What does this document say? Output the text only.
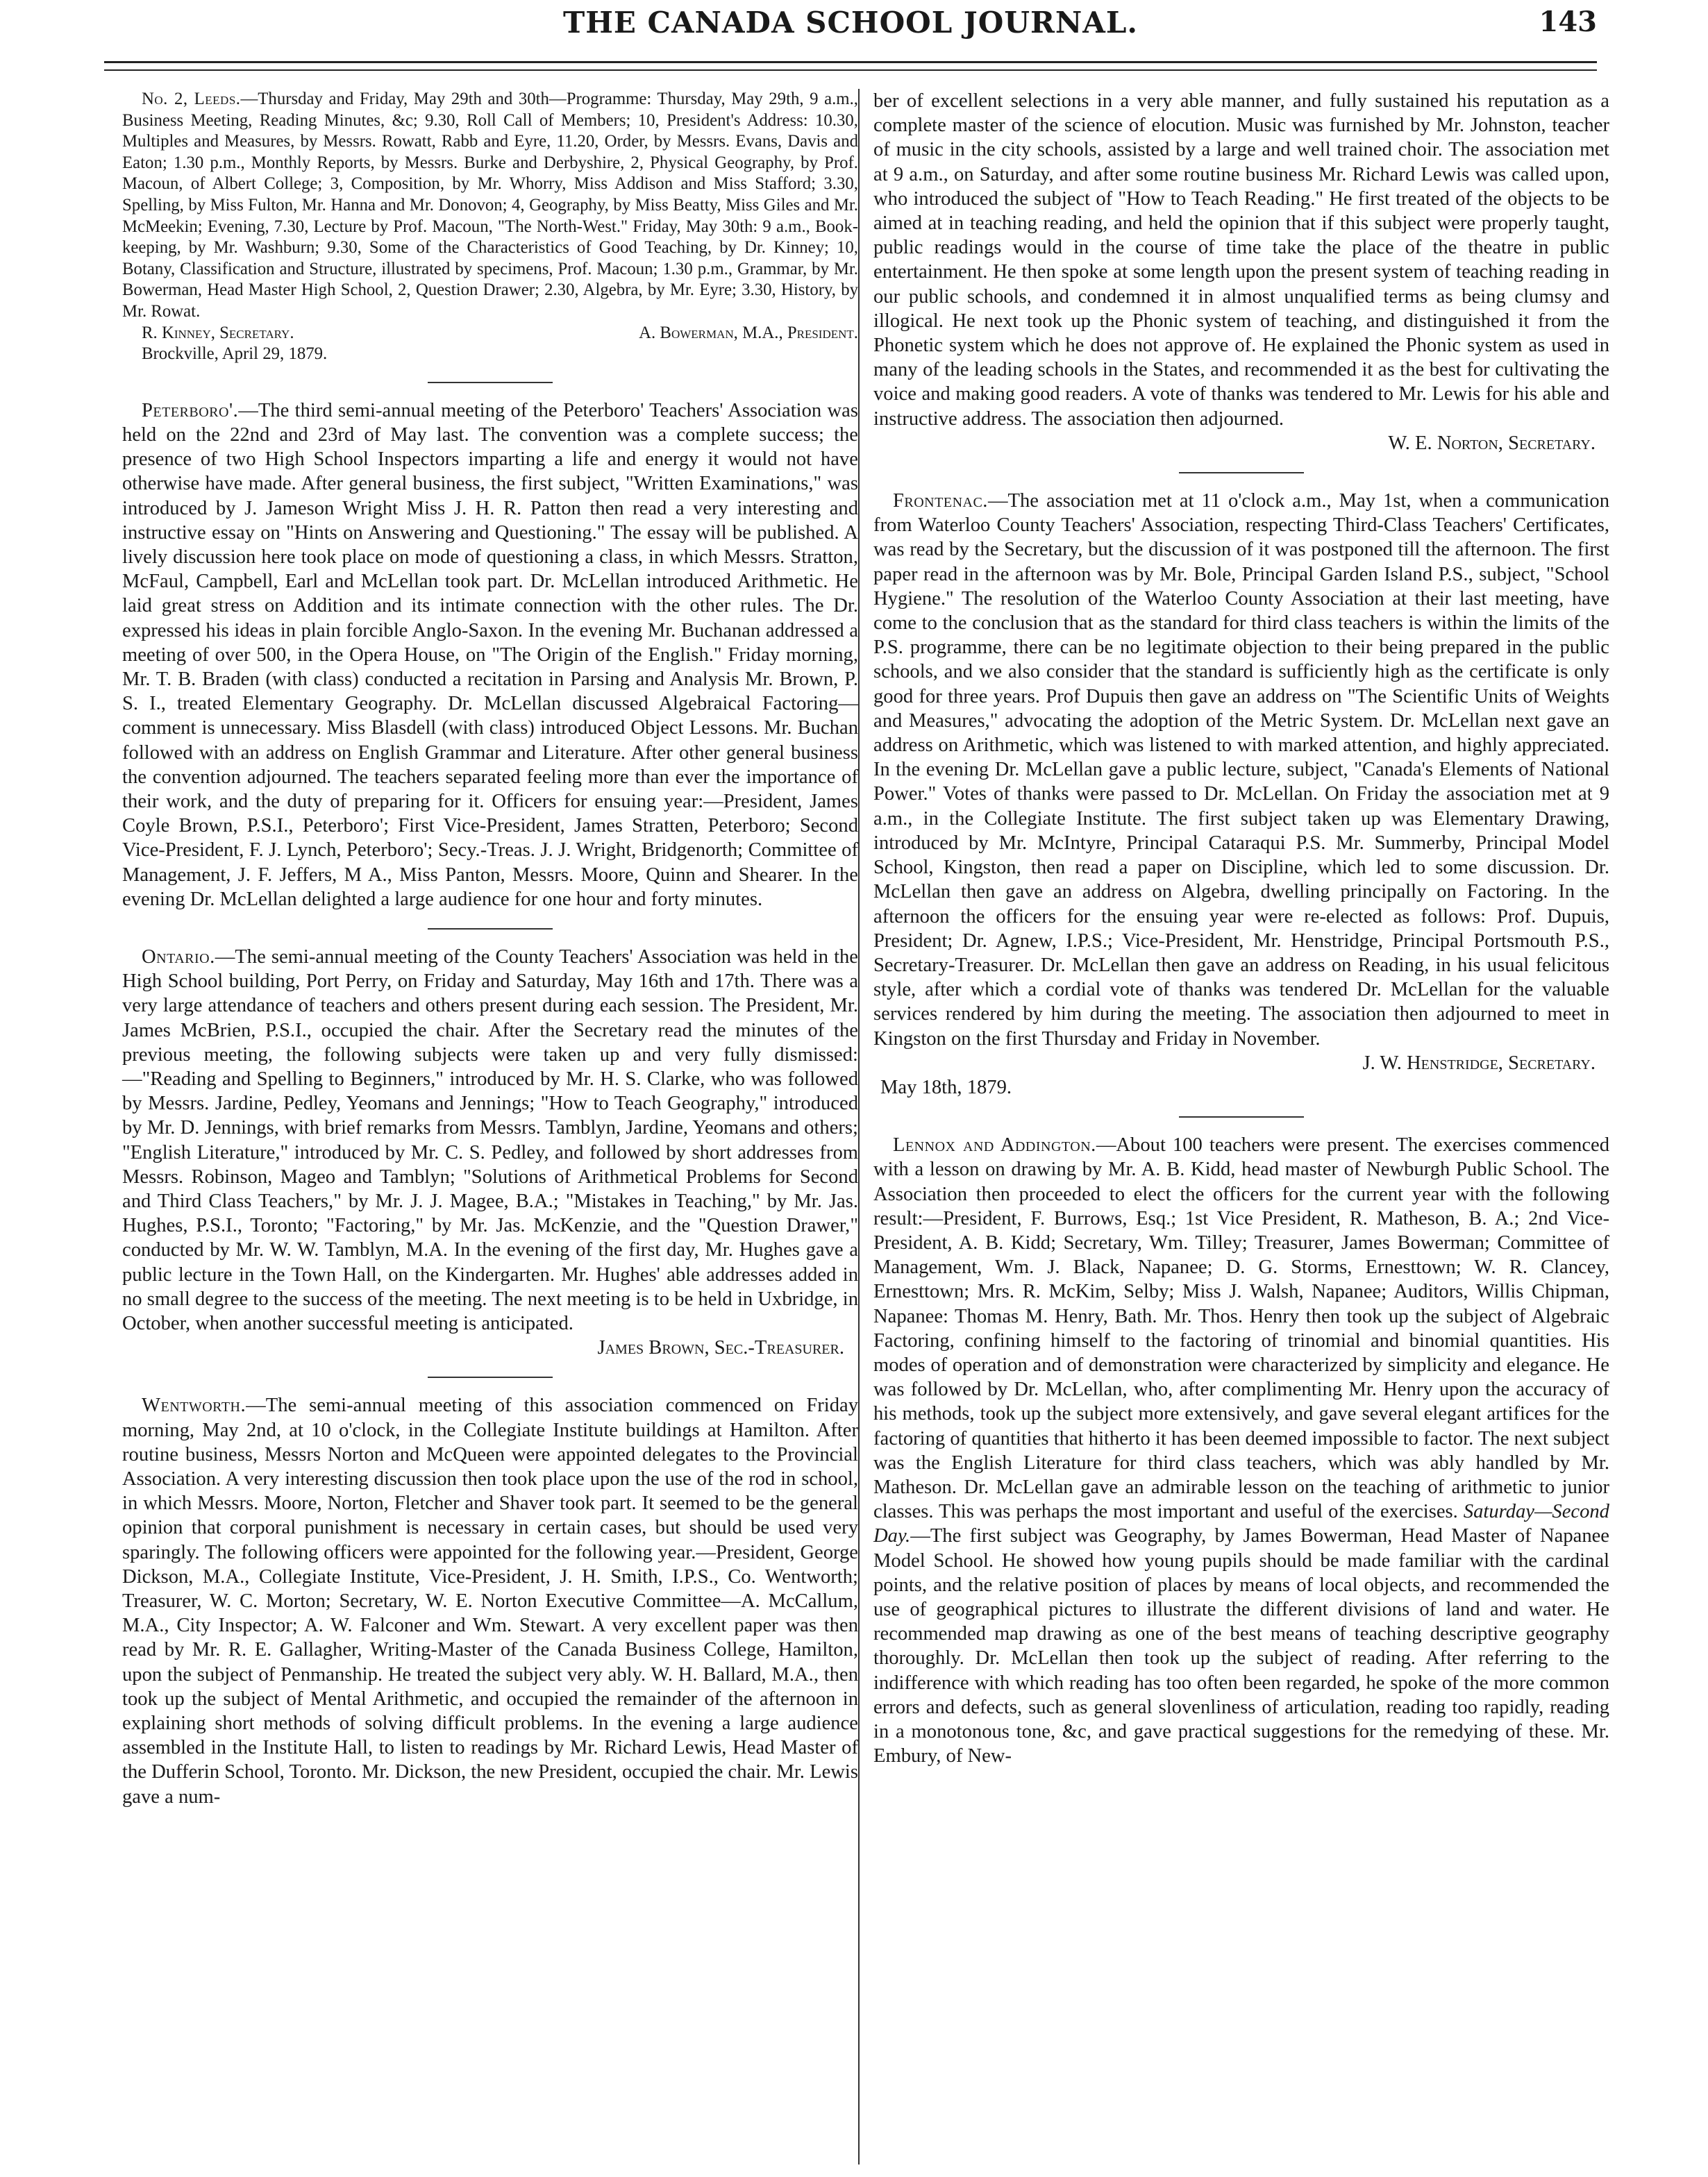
THE CANADA SCHOOL JOURNAL.	143

No. 2, Leeds.—Thursday and Friday, May 29th and 30th—Programme: Thursday, May 29th, 9 a.m., Business Meeting, Reading Minutes, &c; 9.30, Roll Call of Members; 10, President's Address: 10.30, Multiples and Measures, by Messrs. Rowatt, Rabb and Eyre, 11.20, Order, by Messrs. Evans, Davis and Eaton; 1.30 p.m., Monthly Reports, by Messrs. Burke and Derbyshire, 2, Physical Geography, by Prof. Macoun, of Albert College; 3, Composition, by Mr. Whorry, Miss Addison and Miss Stafford; 3.30, Spelling, by Miss Fulton, Mr. Hanna and Mr. Donovon; 4, Geography, by Miss Beatty, Miss Giles and Mr. McMeekin; Evening, 7.30, Lecture by Prof. Macoun, "The North-West." Friday, May 30th: 9 a.m., Book-keeping, by Mr. Washburn; 9.30, Some of the Characteristics of Good Teaching, by Dr. Kinney; 10, Botany, Classification and Structure, illustrated by specimens, Prof. Macoun; 1.30 p.m., Grammar, by Mr. Bowerman, Head Master High School, 2, Question Drawer; 2.30, Algebra, by Mr. Eyre; 3.30, History, by Mr. Rowat.

R. Kinney, Secretary.	A. Bowerman, M.A., President.

Brockville, April 29, 1879.

Peterboro'.—The third semi-annual meeting of the Peterboro' Teachers' Association was held on the 22nd and 23rd of May last. The convention was a complete success; the presence of two High School Inspectors imparting a life and energy it would not have otherwise have made. After general business, the first subject, "Written Examinations," was introduced by J. Jameson Wright Miss J. H. R. Patton then read a very interesting and instructive essay on "Hints on Answering and Questioning." The essay will be published. A lively discussion here took place on mode of questioning a class, in which Messrs. Stratton, McFaul, Campbell, Earl and McLellan took part. Dr. McLellan introduced Arithmetic. He laid great stress on Addition and its intimate connection with the other rules. The Dr. expressed his ideas in plain forcible Anglo-Saxon. In the evening Mr. Buchanan addressed a meeting of over 500, in the Opera House, on "The Origin of the English." Friday morning, Mr. T. B. Braden (with class) conducted a recitation in Parsing and Analysis Mr. Brown, P. S. I., treated Elementary Geography. Dr. McLellan discussed Algebraical Factoring—comment is unnecessary. Miss Blasdell (with class) introduced Object Lessons. Mr. Buchan followed with an address on English Grammar and Literature. After other general business the convention adjourned. The teachers separated feeling more than ever the importance of their work, and the duty of preparing for it. Officers for ensuing year:—President, James Coyle Brown, P.S.I., Peterboro'; First Vice-President, James Stratten, Peterboro; Second Vice-President, F. J. Lynch, Peterboro'; Secy.-Treas. J. J. Wright, Bridgenorth; Committee of Management, J. F. Jeffers, M A., Miss Panton, Messrs. Moore, Quinn and Shearer. In the evening Dr. McLellan delighted a large audience for one hour and forty minutes.

Ontario.—The semi-annual meeting of the County Teachers' Association was held in the High School building, Port Perry, on Friday and Saturday, May 16th and 17th. There was a very large attendance of teachers and others present during each session. The President, Mr. James McBrien, P.S.I., occupied the chair. After the Secretary read the minutes of the previous meeting, the following subjects were taken up and very fully dismissed:—"Reading and Spelling to Beginners," introduced by Mr. H. S. Clarke, who was followed by Messrs. Jardine, Pedley, Yeomans and Jennings; "How to Teach Geography," introduced by Mr. D. Jennings, with brief remarks from Messrs. Tamblyn, Jardine, Yeomans and others; "English Literature," introduced by Mr. C. S. Pedley, and followed by short addresses from Messrs. Robinson, Mageo and Tamblyn; "Solutions of Arithmetical Problems for Second and Third Class Teachers," by Mr. J. J. Magee, B.A.; "Mistakes in Teaching," by Mr. Jas. Hughes, P.S.I., Toronto; "Factoring," by Mr. Jas. McKenzie, and the "Question Drawer," conducted by Mr. W. W. Tamblyn, M.A. In the evening of the first day, Mr. Hughes gave a public lecture in the Town Hall, on the Kindergarten. Mr. Hughes' able addresses added in no small degree to the success of the meeting. The next meeting is to be held in Uxbridge, in October, when another successful meeting is anticipated.

James Brown, Sec.-Treasurer.

Wentworth.—The semi-annual meeting of this association commenced on Friday morning, May 2nd, at 10 o'clock, in the Collegiate Institute buildings at Hamilton. After routine business, Messrs Norton and McQueen were appointed delegates to the Provincial Association. A very interesting discussion then took place upon the use of the rod in school, in which Messrs. Moore, Norton, Fletcher and Shaver took part. It seemed to be the general opinion that corporal punishment is necessary in certain cases, but should be used very sparingly. The following officers were appointed for the following year.—President, George Dickson, M.A., Collegiate Institute, Vice-President, J. H. Smith, I.P.S., Co. Wentworth; Treasurer, W. C. Morton; Secretary, W. E. Norton Executive Committee—A. McCallum, M.A., City Inspector; A. W. Falconer and Wm. Stewart. A very excellent paper was then read by Mr. R. E. Gallagher, Writing-Master of the Canada Business College, Hamilton, upon the subject of Penmanship. He treated the subject very ably. W. H. Ballard, M.A., then took up the subject of Mental Arithmetic, and occupied the remainder of the afternoon in explaining short methods of solving difficult problems. In the evening a large audience assembled in the Institute Hall, to listen to readings by Mr. Richard Lewis, Head Master of the Dufferin School, Toronto. Mr. Dickson, the new President, occupied the chair. Mr. Lewis gave a num-

ber of excellent selections in a very able manner, and fully sustained his reputation as a complete master of the science of elocution. Music was furnished by Mr. Johnston, teacher of music in the city schools, assisted by a large and well trained choir. The association met at 9 a.m., on Saturday, and after some routine business Mr. Richard Lewis was called upon, who introduced the subject of "How to Teach Reading." He first treated of the objects to be aimed at in teaching reading, and held the opinion that if this subject were properly taught, public readings would in the course of time take the place of the theatre in public entertainment. He then spoke at some length upon the present system of teaching reading in our public schools, and condemned it in almost unqualified terms as being clumsy and illogical. He next took up the Phonic system of teaching, and distinguished it from the Phonetic system which he does not approve of. He explained the Phonic system as used in many of the leading schools in the States, and recommended it as the best for cultivating the voice and making good readers. A vote of thanks was tendered to Mr. Lewis for his able and instructive address. The association then adjourned.

W. E. Norton, Secretary.

Frontenac.—The association met at 11 o'clock a.m., May 1st, when a communication from Waterloo County Teachers' Association, respecting Third-Class Teachers' Certificates, was read by the Secretary, but the discussion of it was postponed till the afternoon. The first paper read in the afternoon was by Mr. Bole, Principal Garden Island P.S., subject, "School Hygiene." The resolution of the Waterloo County Association at their last meeting, have come to the conclusion that as the standard for third class teachers is within the limits of the P.S. programme, there can be no legitimate objection to their being prepared in the public schools, and we also consider that the standard is sufficiently high as the certificate is only good for three years. Prof Dupuis then gave an address on "The Scientific Units of Weights and Measures," advocating the adoption of the Metric System. Dr. McLellan next gave an address on Arithmetic, which was listened to with marked attention, and highly appreciated. In the evening Dr. McLellan gave a public lecture, subject, "Canada's Elements of National Power." Votes of thanks were passed to Dr. McLellan. On Friday the association met at 9 a.m., in the Collegiate Institute. The first subject taken up was Elementary Drawing, introduced by Mr. McIntyre, Principal Cataraqui P.S. Mr. Summerby, Principal Model School, Kingston, then read a paper on Discipline, which led to some discussion. Dr. McLellan then gave an address on Algebra, dwelling principally on Factoring. In the afternoon the officers for the ensuing year were re-elected as follows: Prof. Dupuis, President; Dr. Agnew, I.P.S.; Vice-President, Mr. Henstridge, Principal Portsmouth P.S., Secretary-Treasurer. Dr. McLellan then gave an address on Reading, in his usual felicitous style, after which a cordial vote of thanks was tendered Dr. McLellan for the valuable services rendered by him during the meeting. The association then adjourned to meet in Kingston on the first Thursday and Friday in November.

J. W. Henstridge, Secretary.

May 18th, 1879.

Lennox and Addington.—About 100 teachers were present. The exercises commenced with a lesson on drawing by Mr. A. B. Kidd, head master of Newburgh Public School. The Association then proceeded to elect the officers for the current year with the following result:—President, F. Burrows, Esq.; 1st Vice President, R. Matheson, B. A.; 2nd Vice-President, A. B. Kidd; Secretary, Wm. Tilley; Treasurer, James Bowerman; Committee of Management, Wm. J. Black, Napanee; D. G. Storms, Ernesttown; W. R. Clancey, Ernesttown; Mrs. R. McKim, Selby; Miss J. Walsh, Napanee; Auditors, Willis Chipman, Napanee: Thomas M. Henry, Bath. Mr. Thos. Henry then took up the subject of Algebraic Factoring, confining himself to the factoring of trinomial and binomial quantities. His modes of operation and of demonstration were characterized by simplicity and elegance. He was followed by Dr. McLellan, who, after complimenting Mr. Henry upon the accuracy of his methods, took up the subject more extensively, and gave several elegant artifices for the factoring of quantities that hitherto it has been deemed impossible to factor. The next subject was the English Literature for third class teachers, which was ably handled by Mr. Matheson. Dr. McLellan gave an admirable lesson on the teaching of arithmetic to junior classes. This was perhaps the most important and useful of the exercises. Saturday—Second Day.—The first subject was Geography, by James Bowerman, Head Master of Napanee Model School. He showed how young pupils should be made familiar with the cardinal points, and the relative position of places by means of local objects, and recommended the use of geographical pictures to illustrate the different divisions of land and water. He recommended map drawing as one of the best means of teaching descriptive geography thoroughly. Dr. McLellan then took up the subject of reading. After referring to the indifference with which reading has too often been regarded, he spoke of the more common errors and defects, such as general slovenliness of articulation, reading too rapidly, reading in a monotonous tone, &c, and gave practical suggestions for the remedying of these. Mr. Embury, of New-
